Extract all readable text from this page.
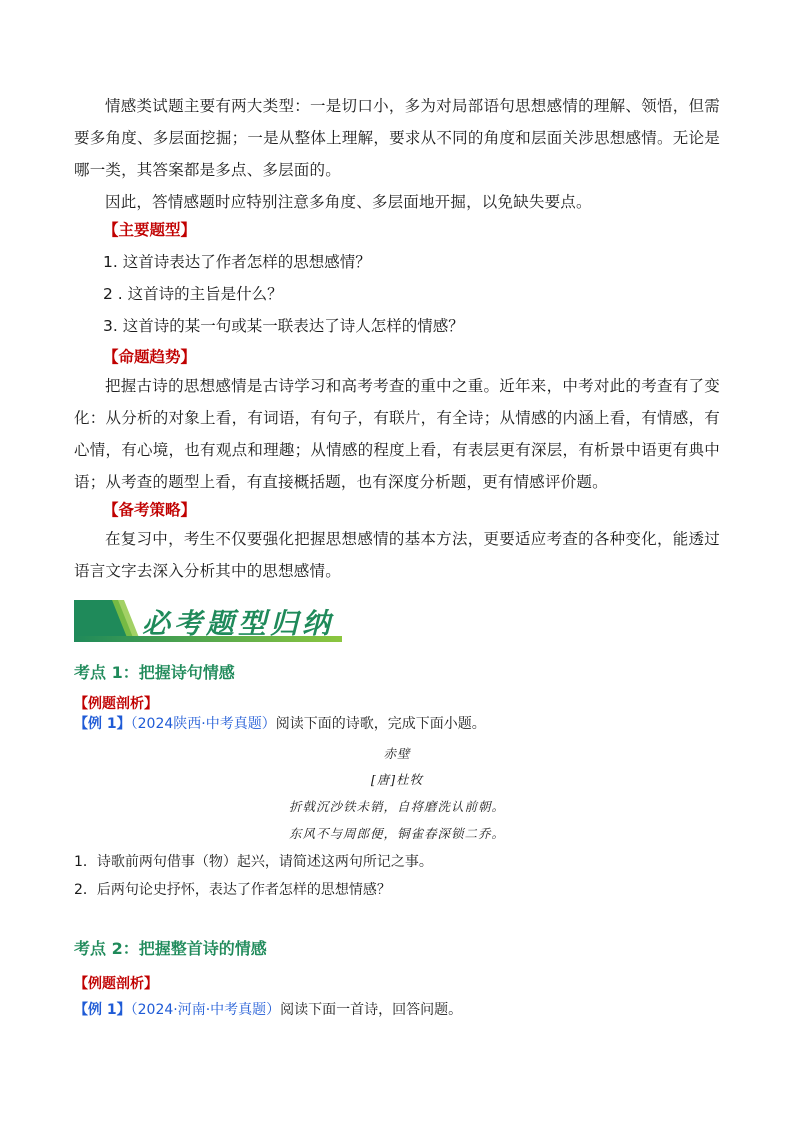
情感类试题主要有两大类型：一是切口小，多为对局部语句思想感情的理解、领悟，但需要多角度、多层面挖掘；一是从整体上理解，要求从不同的角度和层面关涉思想感情。无论是哪一类，其答案都是多点、多层面的。

因此，答情感题时应特别注意多角度、多层面地开掘，以免缺失要点。

【主要题型】
1. 这首诗表达了作者怎样的思想感情？
2 . 这首诗的主旨是什么？
3. 这首诗的某一句或某一联表达了诗人怎样的情感？
【命题趋势】

把握古诗的思想感情是古诗学习和高考考查的重中之重。近年来，中考对此的考查有了变化：从分析的对象上看，有词语，有句子，有联片，有全诗；从情感的内涵上看，有情感，有心情，有心境，也有观点和理趣；从情感的程度上看，有表层更有深层，有析景中语更有典中语；从考查的题型上看，有直接概括题，也有深度分析题，更有情感评价题。

【备考策略】

在复习中，考生不仅要强化把握思想感情的基本方法，更要适应考查的各种变化，能透过语言文字去深入分析其中的思想感情。

必考题型归纳
考点 1：把握诗句情感
【例题剖析】
【例 1】（2024陕西·中考真题）阅读下面的诗歌，完成下面小题。
赤壁
[唐]杜牧
折戟沉沙铁未销，自将磨洗认前朝。
东风不与周郎便，铜雀春深锁二乔。
1．诗歌前两句借事（物）起兴，请简述这两句所记之事。
2．后两句论史抒怀，表达了作者怎样的思想情感？
考点 2：把握整首诗的情感
【例题剖析】
【例 1】（2024·河南·中考真题）阅读下面一首诗，回答问题。
